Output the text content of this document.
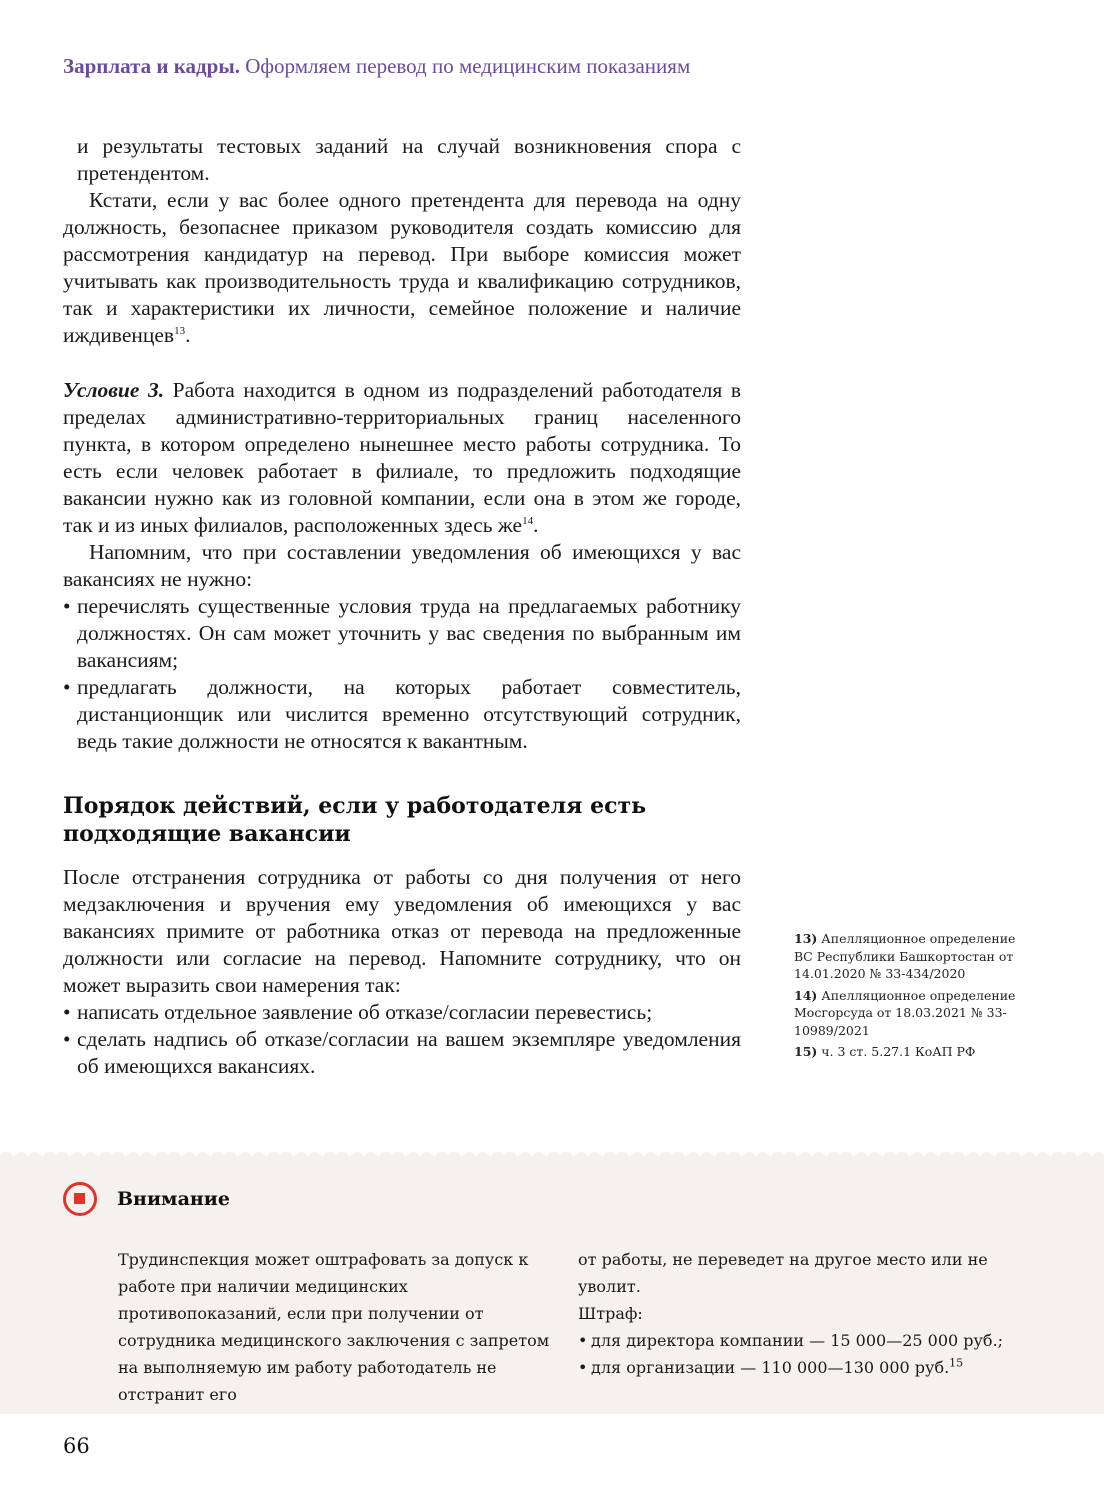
Зарплата и кадры. Оформляем перевод по медицинским показаниям

и результаты тестовых заданий на случай возникновения спора с претендентом.

Кстати, если у вас более одного претендента для перевода на одну должность, безопаснее приказом руководителя создать комиссию для рассмотрения кандидатур на перевод. При выборе комиссия может учитывать как производительность труда и квалификацию сотрудников, так и характеристики их личности, семейное положение и наличие иждивенцев$^{13}$.

Условие 3. Работа находится в одном из подразделений работодателя в пределах административно-территориальных границ населенного пункта, в котором определено нынешнее место работы сотрудника. То есть если человек работает в филиале, то предложить подходящие вакансии нужно как из головной компании, если она в этом же городе, так и из иных филиалов, расположенных здесь $же^{14}$.

Напомним, что при составлении уведомления об имеющихся у вас вакансиях не нужно:

• перечислять существенные условия труда на предлагаемых работнику должностях. Он сам может уточнить у вас сведения по выбранным им вакансиям;
• предлагать должности, на которых работает совместитель, дистанционщик или числится временно отсутствующий сотрудник, ведь такие должности не относятся к вакантным.
Порядок действий, если у работодателя есть подходящие вакансии

После отстранения сотрудника от работы со дня получения от него медзаключения и вручения ему уведомления об имеющихся у вас вакансиях примите от работника отказ от перевода на предложенные должности или согласие на перевод. Напомните сотруднику, что он может выразить свои намерения так:

• написать отдельное заявление об отказе/согласии перевестись;
• сделать надпись об отказе/согласии на вашем экземпляре уведомления об имеющихся вакансиях.
13) Апелляционное определение ВС Республики Башкортостан от 14.01.2020 № 33-434/2020
14) Апелляционное определение Мосгорсуда от 18.03.2021 № 33-10989/2021
15) ч. 3 ст. 5.27.1 КоАП РФ
Внимание

Трудинспекция может оштрафовать за допуск к работе при наличии медицинских противопоказаний, если при получении от сотрудника медицинского заключения с запретом на выполняемую им работу работодатель не отстранит его

от работы, не переведет на другое место или не уволит.

Штраф:

• для директора компании — 15 000—25 000 руб.;
• для организации — 110 000—130 000 руб.$^{15}$
66
